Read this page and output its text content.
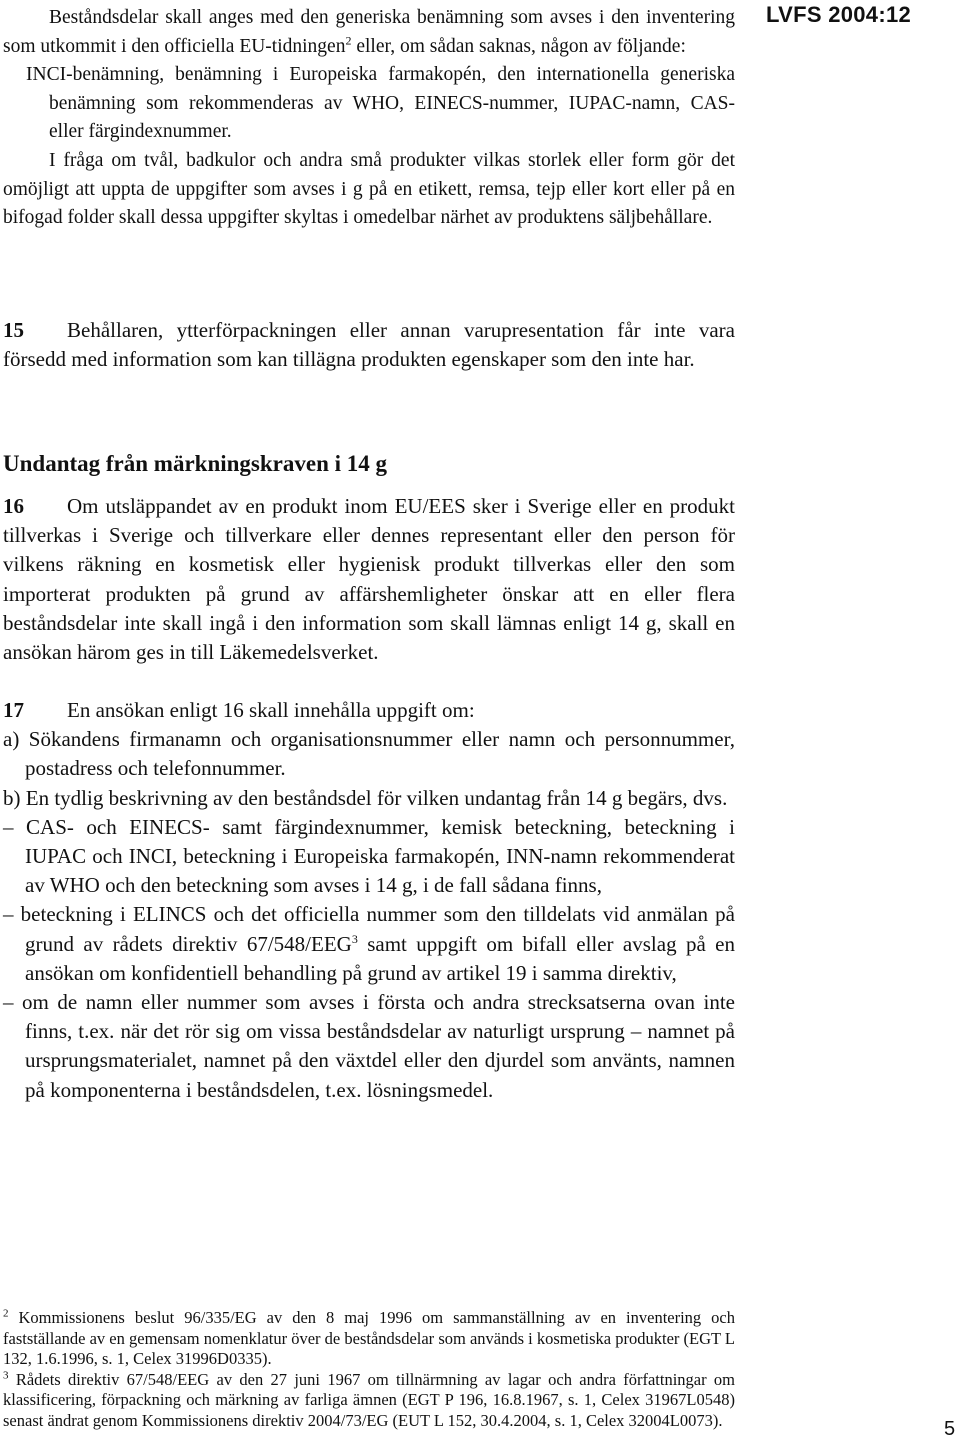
LVFS 2004:12

Beståndsdelar skall anges med den generiska benämning som avses i den inventering som utkommit i den officiella EU-tidningen$^2$ eller, om sådan saknas, någon av följande:

INCI-benämning, benämning i Europeiska farmakopén, den internationella generiska benämning som rekommenderas av WHO, EINECS-nummer, IUPAC-namn, CAS- eller färgindexnummer.

I fråga om tvål, badkulor och andra små produkter vilkas storlek eller form gör det omöjligt att uppta de uppgifter som avses i g på en etikett, remsa, tejp eller kort eller på en bifogad folder skall dessa uppgifter skyltas i omedelbar närhet av produktens säljbehållare.

15 Behållaren, ytterförpackningen eller annan varupresentation får inte vara försedd med information som kan tillägna produkten egenskaper som den inte har.

Undantag från märkningskraven i 14 g

16 Om utsläppandet av en produkt inom EU/EES sker i Sverige eller en produkt tillverkas i Sverige och tillverkare eller dennes representant eller den person för vilkens räkning en kosmetisk eller hygienisk produkt tillverkas eller den som importerat produkten på grund av affärshemligheter önskar att en eller flera beståndsdelar inte skall ingå i den information som skall lämnas enligt 14 g, skall en ansökan härom ges in till Läkemedelsverket.

17 En ansökan enligt 16 skall innehålla uppgift om:

a) Sökandens firmanamn och organisationsnummer eller namn och personnummer, postadress och telefonnummer.

b) En tydlig beskrivning av den beståndsdel för vilken undantag från 14 g begärs, dvs.

– CAS- och EINECS- samt färgindexnummer, kemisk beteckning, beteckning i IUPAC och INCI, beteckning i Europeiska farmakopén, INN-namn rekommenderat av WHO och den beteckning som avses i 14 g, i de fall sådana finns,

– beteckning i ELINCS och det officiella nummer som den tilldelats vid anmälan på grund av rådets direktiv 67/548/EEG$^3$ samt uppgift om bifall eller avslag på en ansökan om konfidentiell behandling på grund av artikel 19 i samma direktiv,

– om de namn eller nummer som avses i första och andra strecksatserna ovan inte finns, t.ex. när det rör sig om vissa beståndsdelar av naturligt ursprung – namnet på ursprungsmaterialet, namnet på den växtdel eller den djurdel som använts, namnen på komponenterna i beståndsdelen, t.ex. lösningsmedel.

$^2$ Kommissionens beslut 96/335/EG av den 8 maj 1996 om sammanställning av en inventering och fastställande av en gemensam nomenklatur över de beståndsdelar som används i kosmetiska produkter (EGT L 132, 1.6.1996, s. 1, Celex 31996D0335).

$^3$ Rådets direktiv 67/548/EEG av den 27 juni 1967 om tillnärmning av lagar och andra författningar om klassificering, förpackning och märkning av farliga ämnen (EGT P 196, 16.8.1967, s. 1, Celex 31967L0548) senast ändrat genom Kommissionens direktiv 2004/73/EG (EUT L 152, 30.4.2004, s. 1, Celex 32004L0073).	5
